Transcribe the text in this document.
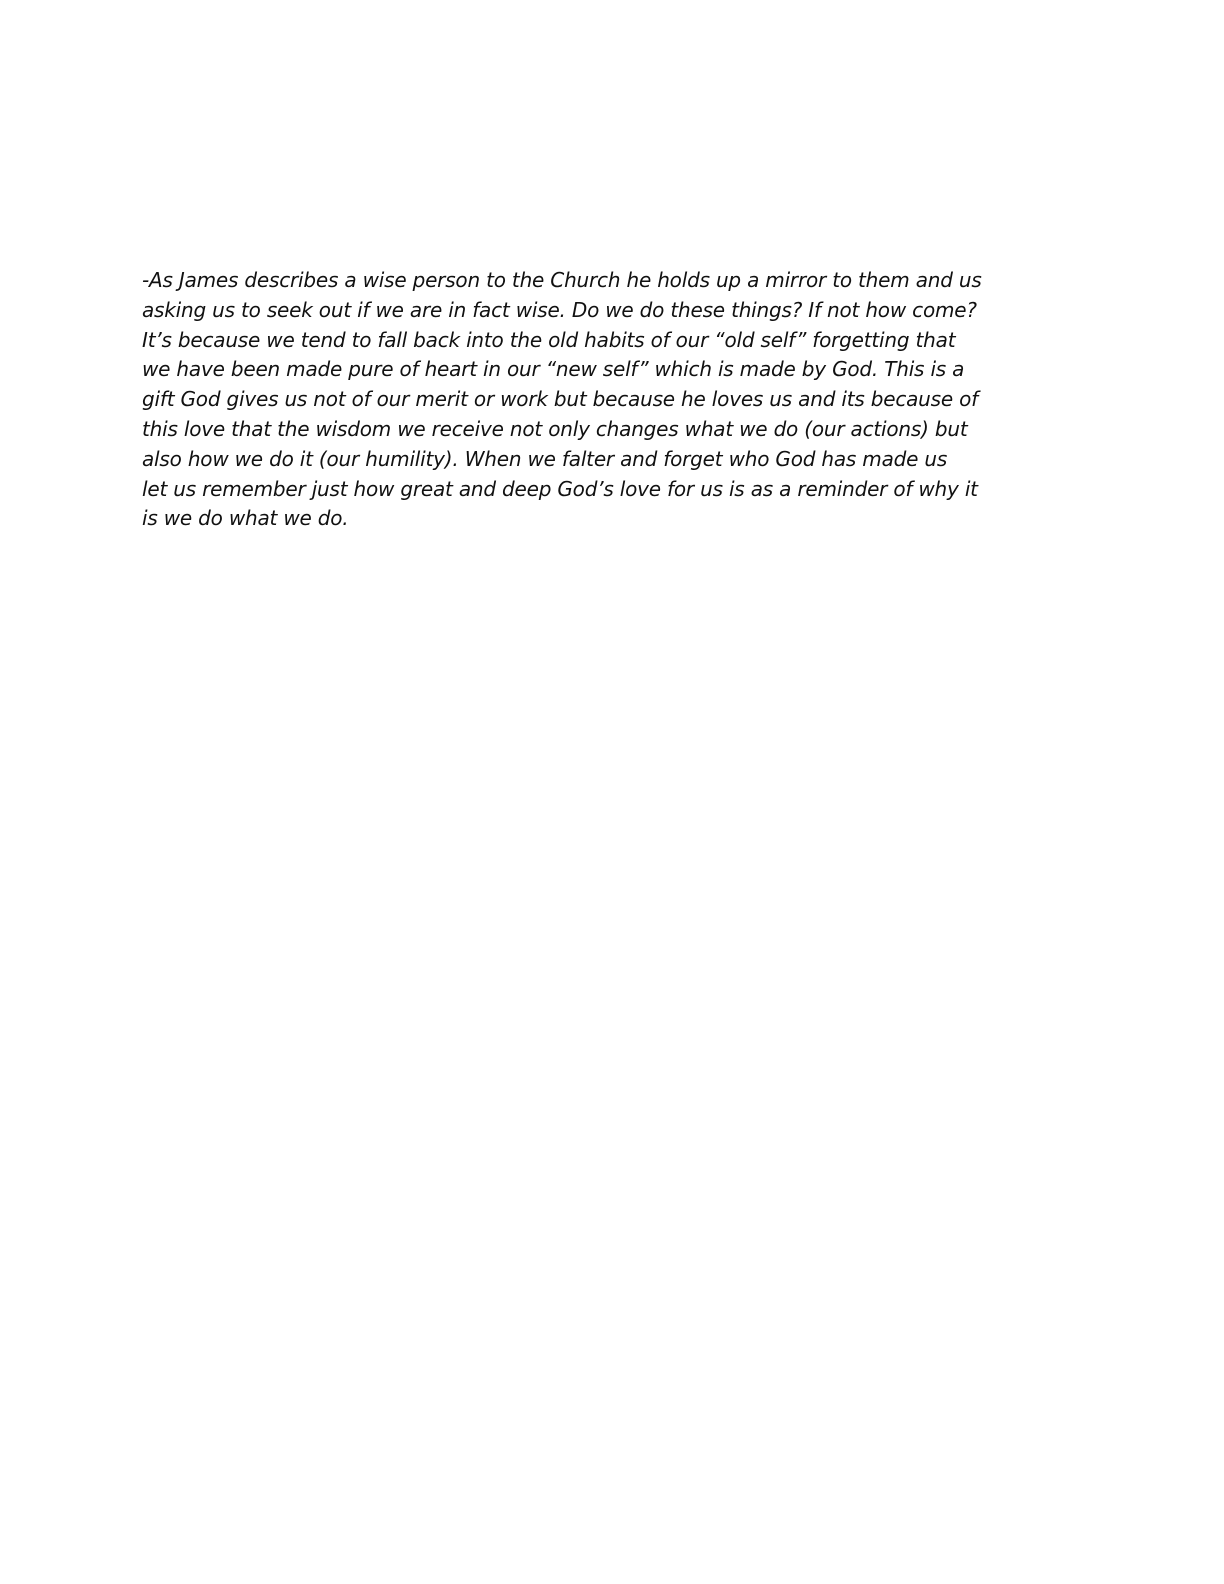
-As James describes a wise person to the Church he holds up a mirror to them and us
asking us to seek out if we are in fact wise. Do we do these things? If not how come?
It’s because we tend to fall back into the old habits of our “old self” forgetting that
we have been made pure of heart in our “new self” which is made by God. This is a
gift God gives us not of our merit or work but because he loves us and its because of
this love that the wisdom we receive not only changes what we do (our actions) but
also how we do it (our humility). When we falter and forget who God has made us
let us remember just how great and deep God’s love for us is as a reminder of why it
is we do what we do.
